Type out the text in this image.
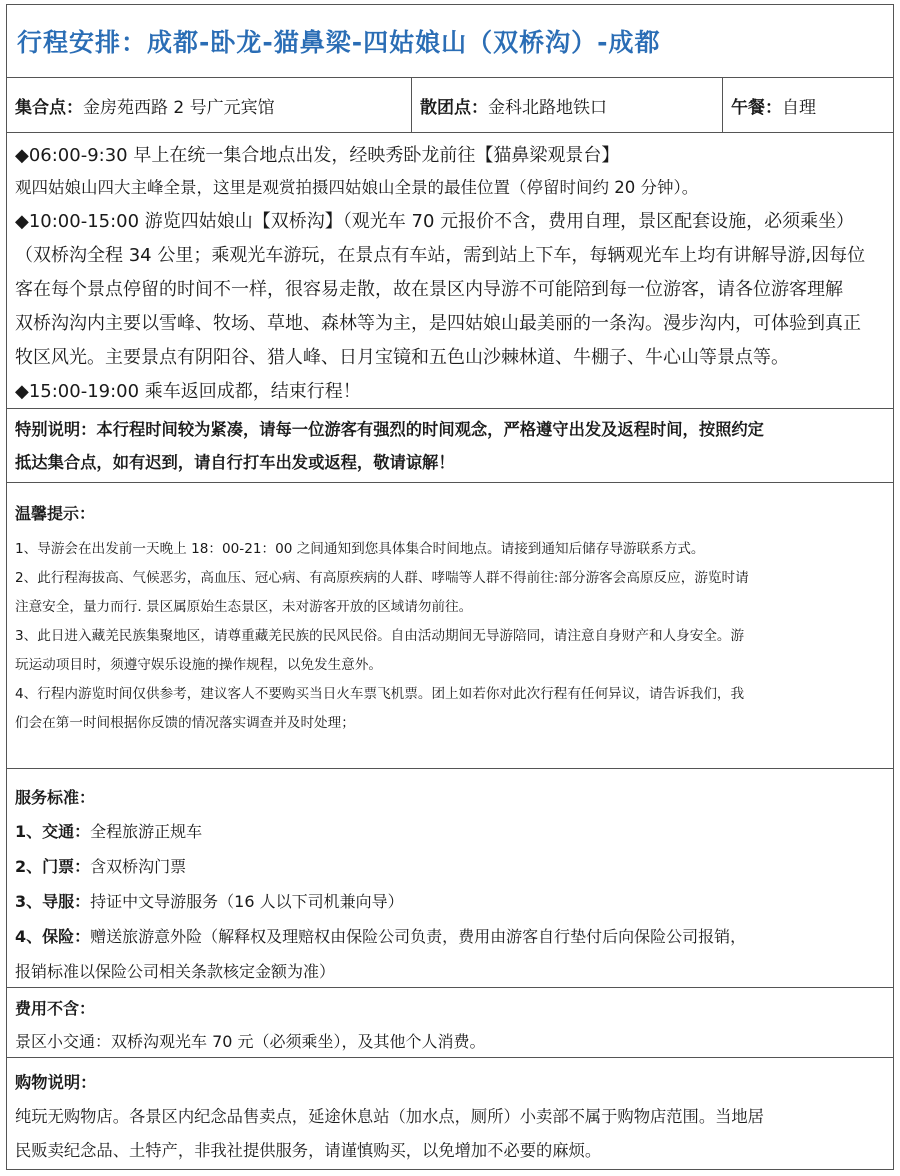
行程安排：成都-卧龙-猫鼻梁-四姑娘山（双桥沟）-成都
集合点： 金房苑西路 2 号广元宾馆	散团点： 金科北路地铁口	午餐： 自理
◆06:00-9:30 早上在统一集合地点出发，经映秀卧龙前往【猫鼻梁观景台】
观四姑娘山四大主峰全景，这里是观赏拍摄四姑娘山全景的最佳位置（停留时间约 20 分钟）。
◆10:00-15:00 游览四姑娘山【双桥沟】（观光车 70 元报价不含，费用自理，景区配套设施，必须乘坐）
（双桥沟全程 34 公里；乘观光车游玩，在景点有车站，需到站上下车，每辆观光车上均有讲解导游,因每位
客在每个景点停留的时间不一样，很容易走散，故在景区内导游不可能陪到每一位游客，请各位游客理解
双桥沟沟内主要以雪峰、牧场、草地、森林等为主，是四姑娘山最美丽的一条沟。漫步沟内，可体验到真正
牧区风光。主要景点有阴阳谷、猎人峰、日月宝镜和五色山沙棘林道、牛棚子、牛心山等景点等。
◆15:00-19:00 乘车返回成都，结束行程！
特别说明：本行程时间较为紧凑，请每一位游客有强烈的时间观念，严格遵守出发及返程时间，按照约定
抵达集合点，如有迟到，请自行打车出发或返程，敬请谅解！
温馨提示：
1、导游会在出发前一天晚上 18：00-21：00 之间通知到您具体集合时间地点。请接到通知后储存导游联系方式。
2、此行程海拔高、气候恶劣，高血压、冠心病、有高原疾病的人群、哮喘等人群不得前往:部分游客会高原反应，游览时请
注意安全，量力而行. 景区属原始生态景区，未对游客开放的区域请勿前往。
3、此日进入藏羌民族集聚地区，请尊重藏羌民族的民风民俗。自由活动期间无导游陪同，请注意自身财产和人身安全。游
玩运动项目时，须遵守娱乐设施的操作规程，以免发生意外。
4、行程内游览时间仅供参考，建议客人不要购买当日火车票飞机票。团上如若你对此次行程有任何异议，请告诉我们，我
们会在第一时间根据你反馈的情况落实调查并及时处理；
服务标准：
1、交通：全程旅游正规车
2、门票：含双桥沟门票
3、导服：持证中文导游服务（16 人以下司机兼向导）
4、保险：赠送旅游意外险（解释权及理赔权由保险公司负责，费用由游客自行垫付后向保险公司报销，
报销标准以保险公司相关条款核定金额为准）
费用不含：
景区小交通：双桥沟观光车 70 元（必须乘坐），及其他个人消费。
购物说明：
纯玩无购物店。各景区内纪念品售卖点，延途休息站（加水点，厕所）小卖部不属于购物店范围。当地居
民贩卖纪念品、土特产，非我社提供服务，请谨慎购买，以免增加不必要的麻烦。
